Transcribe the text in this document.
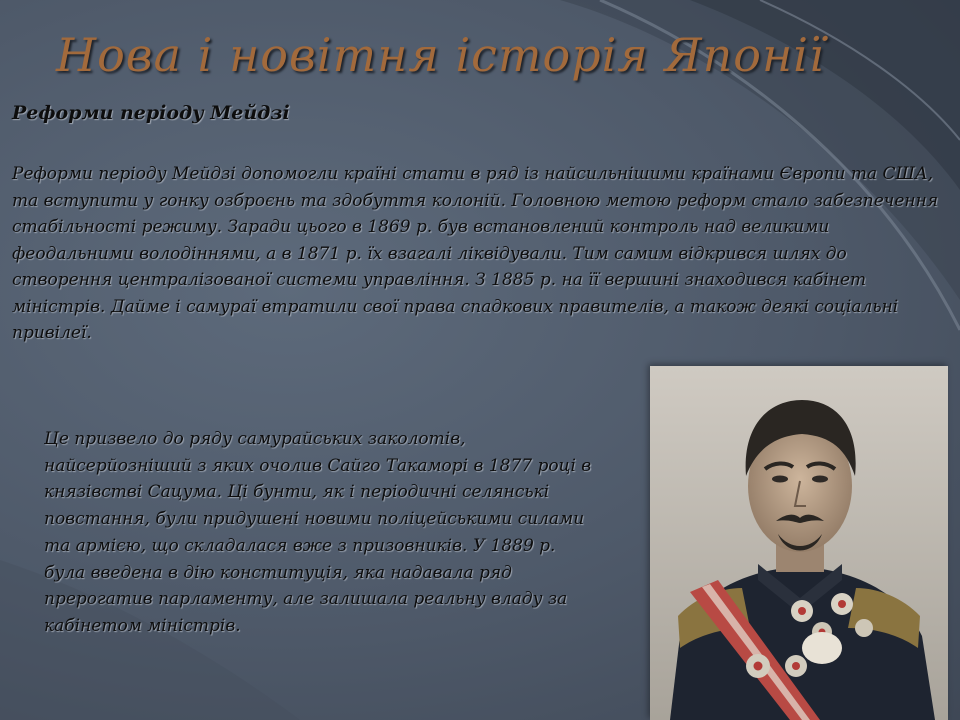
Нова і новітня історія Японії
Реформи періоду Мейдзі

Реформи періоду Мейдзі допомогли країні стати в ряд із найсильнішими країнами Європи та США, та вступити у гонку озброєнь та здобуття колоній. Головною метою реформ стало забезпечення стабільності режиму. Заради цього в 1869 р. був встановлений контроль над великими феодальними володіннями, а в 1871 р. їх взагалі ліквідували. Тим самим відкрився шлях до створення централізованої системи управління. З 1885 р. на її вершині знаходився кабінет міністрів. Дайме і самураї втратили свої права спадкових правителів, а також деякі соціальні привілеї.

Це призвело до ряду самурайських заколотів, найсерйозніший з яких очолив Сайго Такаморі в 1877 році в князівстві Сацума. Ці бунти, як і періодичні селянські повстання, були придушені новими поліцейськими силами та армією, що складалася вже з призовників. У 1889 р. була введена в дію конституція, яка надавала ряд прерогатив парламенту, але залишала реальну владу за кабінетом міністрів.
